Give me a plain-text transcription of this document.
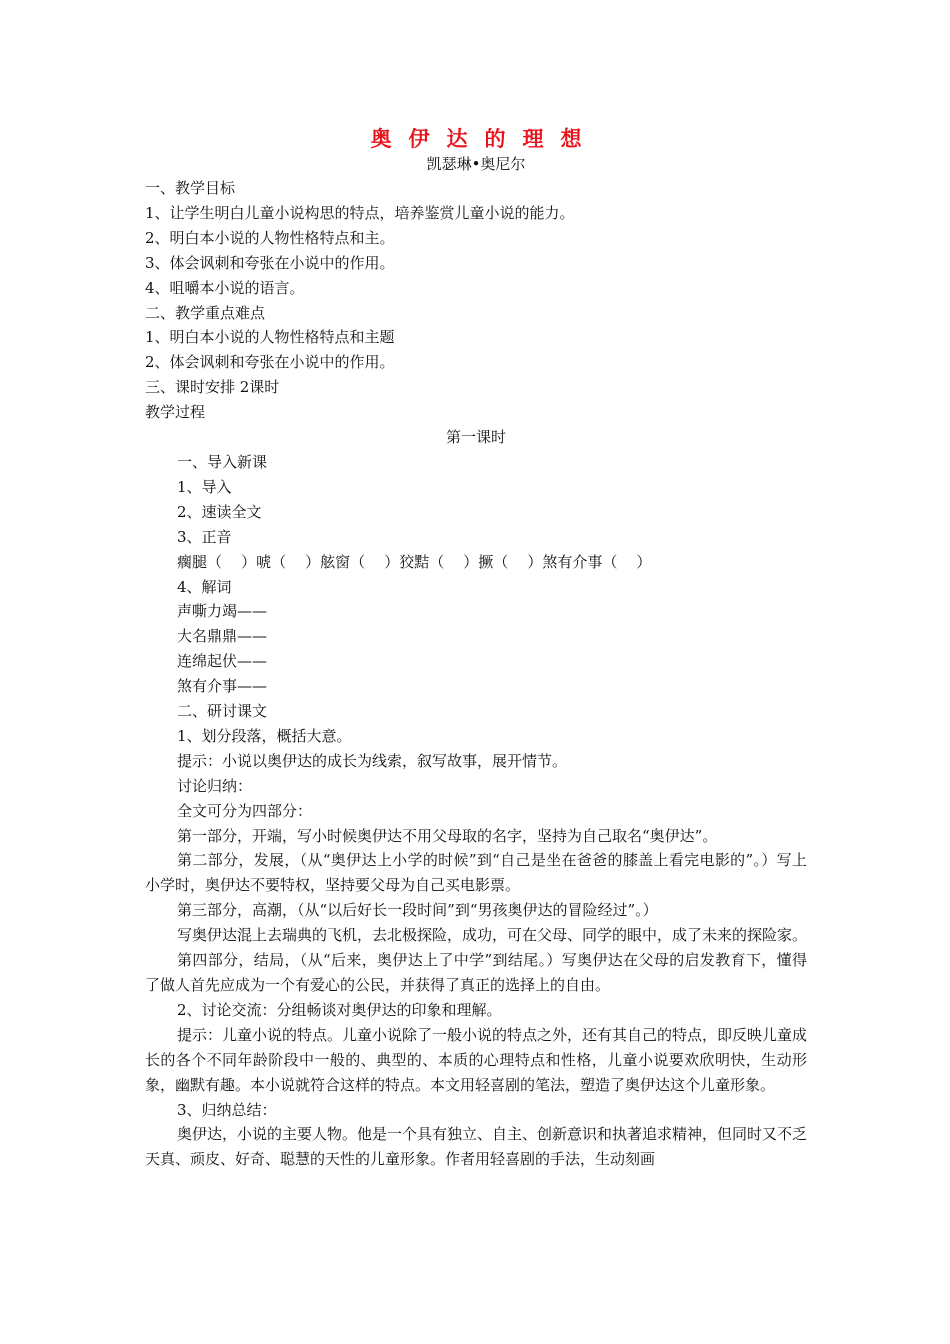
奥伊达的理想
凯瑟琳•奥尼尔
一、教学目标
1、让学生明白儿童小说构思的特点，培养鉴赏儿童小说的能力。
2、明白本小说的人物性格特点和主。
3、体会讽刺和夸张在小说中的作用。
4、咀嚼本小说的语言。
二、教学重点难点
1、明白本小说的人物性格特点和主题
2、体会讽刺和夸张在小说中的作用。
三、课时安排 2课时
教学过程
第一课时
一、导入新课
1、导入
2、速读全文
3、正音
瘸腿（    ）唬（    ）舷窗（    ）狡黠（    ）撅（    ）煞有介事（    ）
4、解词
声嘶力竭——
大名鼎鼎——
连绵起伏——
煞有介事——
二、研讨课文
1、划分段落，概括大意。
提示：小说以奥伊达的成长为线索，叙写故事，展开情节。
讨论归纳：
全文可分为四部分：
第一部分，开端，写小时候奥伊达不用父母取的名字，坚持为自己取名“奥伊达”。
第二部分，发展，（从“奥伊达上小学的时候”到“自己是坐在爸爸的膝盖上看完电影的”。）写上小学时，奥伊达不要特权，坚持要父母为自己买电影票。
第三部分，高潮，（从“以后好长一段时间”到“男孩奥伊达的冒险经过”。）
写奥伊达混上去瑞典的飞机，去北极探险，成功，可在父母、同学的眼中，成了未来的探险家。
第四部分，结局，（从“后来，奥伊达上了中学”到结尾。）写奥伊达在父母的启发教育下，懂得了做人首先应成为一个有爱心的公民，并获得了真正的选择上的自由。
2、讨论交流：分组畅谈对奥伊达的印象和理解。
提示：儿童小说的特点。儿童小说除了一般小说的特点之外，还有其自己的特点，即反映儿童成长的各个不同年龄阶段中一般的、典型的、本质的心理特点和性格，儿童小说要欢欣明快，生动形象，幽默有趣。本小说就符合这样的特点。本文用轻喜剧的笔法，塑造了奥伊达这个儿童形象。
3、归纳总结：
奥伊达，小说的主要人物。他是一个具有独立、自主、创新意识和执著追求精神，但同时又不乏天真、顽皮、好奇、聪慧的天性的儿童形象。作者用轻喜剧的手法，生动刻画
